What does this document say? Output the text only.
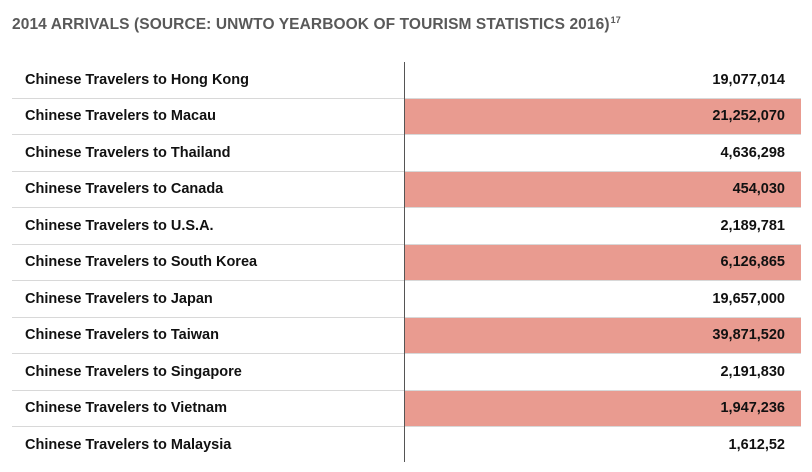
2014 ARRIVALS (SOURCE: UNWTO YEARBOOK OF TOURISM STATISTICS 2016)$^{17}$
Chinese Travelers to Hong Kong	19,077,014
Chinese Travelers to Macau	21,252,070
Chinese Travelers to Thailand	4,636,298
Chinese Travelers to Canada	454,030
Chinese Travelers to U.S.A.	2,189,781
Chinese Travelers to South Korea	6,126,865
Chinese Travelers to Japan	19,657,000
Chinese Travelers to Taiwan	39,871,520
Chinese Travelers to Singapore	2,191,830
Chinese Travelers to Vietnam	1,947,236
Chinese Travelers to Malaysia	1,612,52
